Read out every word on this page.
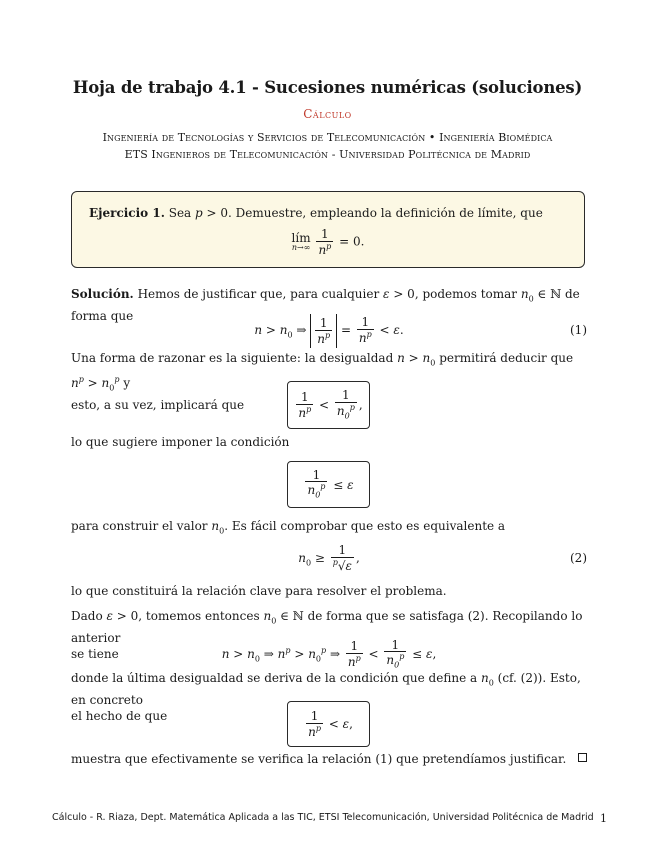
Hoja de trabajo 4.1 - Sucesiones numéricas (soluciones)
Cálculo
Ingeniería de Tecnologías y Servicios de Telecomunicación • Ingeniería Biomédica
ETS Ingenieros de Telecomunicación - Universidad Politécnica de Madrid
Ejercicio 1. Sea p > 0. Demuestre, empleando la definición de límite, que
lím
n→∞
$\frac{1}{n^p} = 0$.
Solución. Hemos de justificar que, para cualquier ε > 0, podemos tomar $n_0$ ∈ ℕ de forma que
$n > n_0$ ⇒ $\frac{1}{n^p} = \frac{1}{n^p} < \varepsilon$.	(1)
Una forma de razonar es la siguiente: la desigualdad $n > n_0$ permitirá deducir que $n^p > n_0^p$ y
esto, a su vez, implicará que	$\frac{1}{n^p} < \frac{1}{n_0^p}$ ,
lo que sugiere imponer la condición
$\frac{1}{n_0^p} \le \varepsilon$
para construir el valor $n_0$. Es fácil comprobar que esto es equivalente a
$n_0 \ge \frac{1}{^p√\varepsilon}$ ,	(2)
lo que constituirá la relación clave para resolver el problema.
Dado ε > 0, tomemos entonces $n_0$ ∈ ℕ de forma que se satisfaga (2). Recopilando lo anterior
se tiene	$n > n_0$ ⇒ $n^p > n_0^p$ ⇒ $\frac{1}{n^p} < \frac{1}{n_0^p} \le \varepsilon$,
donde la última desigualdad se deriva de la condición que define a $n_0$ (cf. (2)). Esto, en concreto
el hecho de que	$\frac{1}{n^p} < \varepsilon$ ,
muestra que efectivamente se verifica la relación (1) que pretendíamos justificar.
Cálculo - R. Riaza, Dept. Matemática Aplicada a las TIC, ETSI Telecomunicación, Universidad Politécnica de Madrid 1
